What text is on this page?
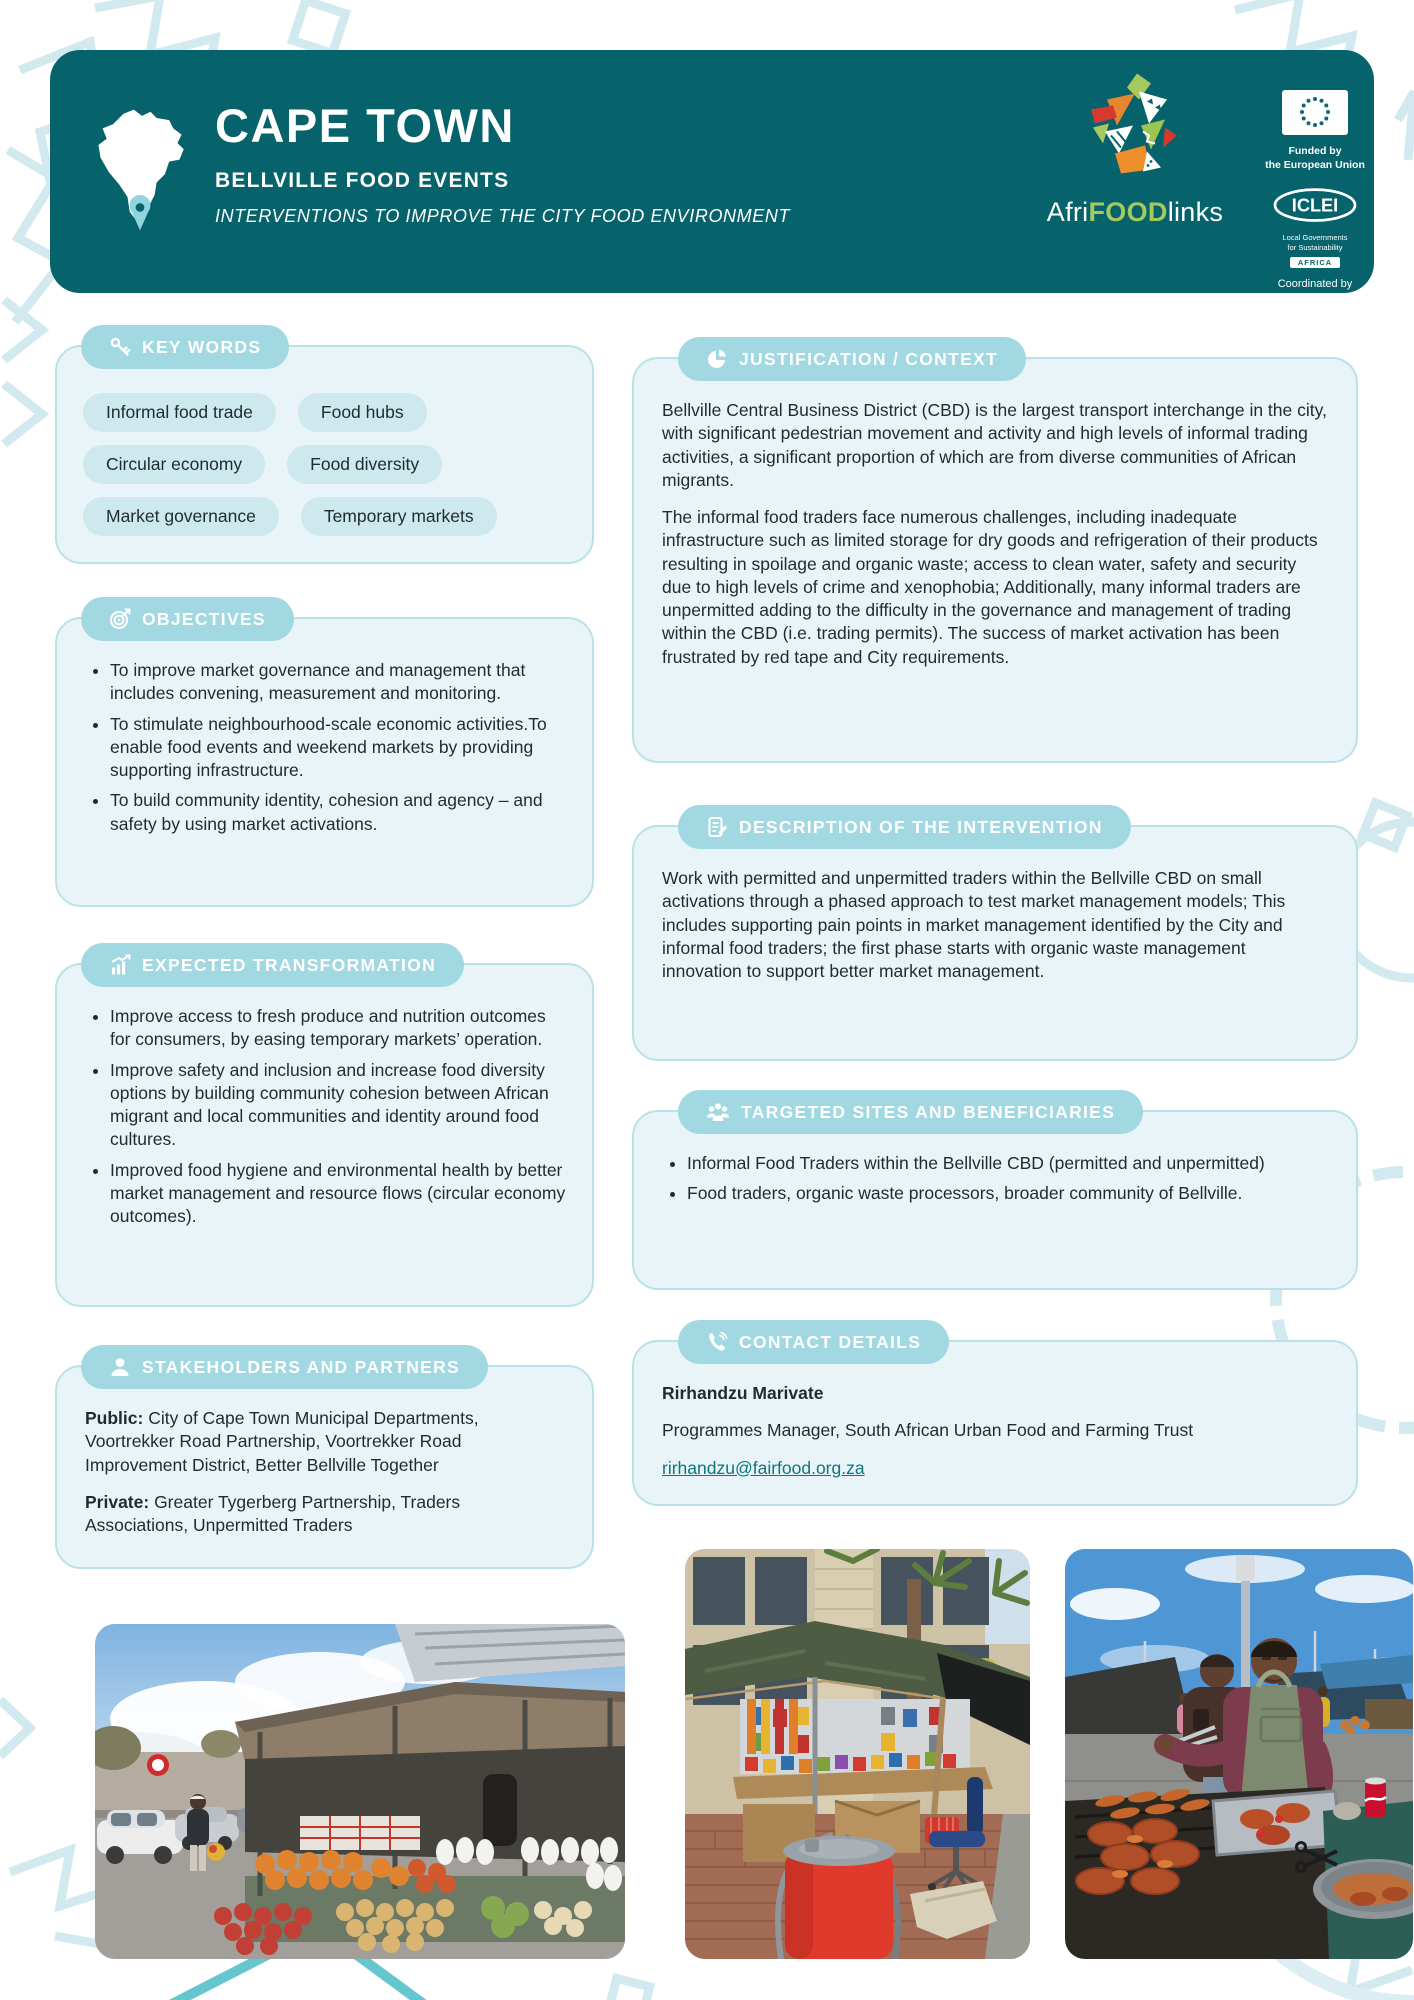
CAPE TOWN
BELLVILLE FOOD EVENTS
INTERVENTIONS TO IMPROVE THE CITY FOOD ENVIRONMENT	AfriFOODlinks
Funded by
the European Union
ICLEI
Local Governments
for Sustainability
AFRICA
Coordinated by
ICLEI Africa
KEY WORDS
Informal food trade	Food hubs
Circular economy	Food diversity
Market governance	Temporary markets
OBJECTIVES
• To improve market governance and management that includes convening, measurement and monitoring.
• To stimulate neighbourhood-scale economic activities.To enable food events and weekend markets by providing supporting infrastructure.
• To build community identity, cohesion and agency – and safety by using market activations.
EXPECTED TRANSFORMATION
• Improve access to fresh produce and nutrition outcomes for consumers, by easing temporary markets’ operation.
• Improve safety and inclusion and increase food diversity options by building community cohesion between African migrant and local communities and identity around food cultures.
• Improved food hygiene and environmental health by better market management and resource flows (circular economy outcomes).
STAKEHOLDERS AND PARTNERS

Public: City of Cape Town Municipal Departments, Voortrekker Road Partnership, Voortrekker Road Improvement District, Better Bellville Together

Private: Greater Tygerberg Partnership, Traders Associations, Unpermitted Traders

JUSTIFICATION / CONTEXT

Bellville Central Business District (CBD) is the largest transport interchange in the city, with significant pedestrian movement and activity and high levels of informal trading activities, a significant proportion of which are from diverse communities of African migrants.

The informal food traders face numerous challenges, including inadequate infrastructure such as limited storage for dry goods and refrigeration of their products resulting in spoilage and organic waste; access to clean water, safety and security due to high levels of crime and xenophobia; Additionally, many informal traders are unpermitted adding to the difficulty in the governance and management of trading within the CBD (i.e. trading permits). The success of market activation has been frustrated by red tape and City requirements.

DESCRIPTION OF THE INTERVENTION

Work with permitted and unpermitted traders within the Bellville CBD on small activations through a phased approach to test market management models; This includes supporting pain points in market management identified by the City and informal food traders; the first phase starts with organic waste management innovation to support better market management.

TARGETED SITES AND BENEFICIARIES
• Informal Food Traders within the Bellville CBD (permitted and unpermitted)
• Food traders, organic waste processors, broader community of Bellville.
CONTACT DETAILS

Rirhandzu Marivate

Programmes Manager, South African Urban Food and Farming Trust

rirhandzu@fairfood.org.za
